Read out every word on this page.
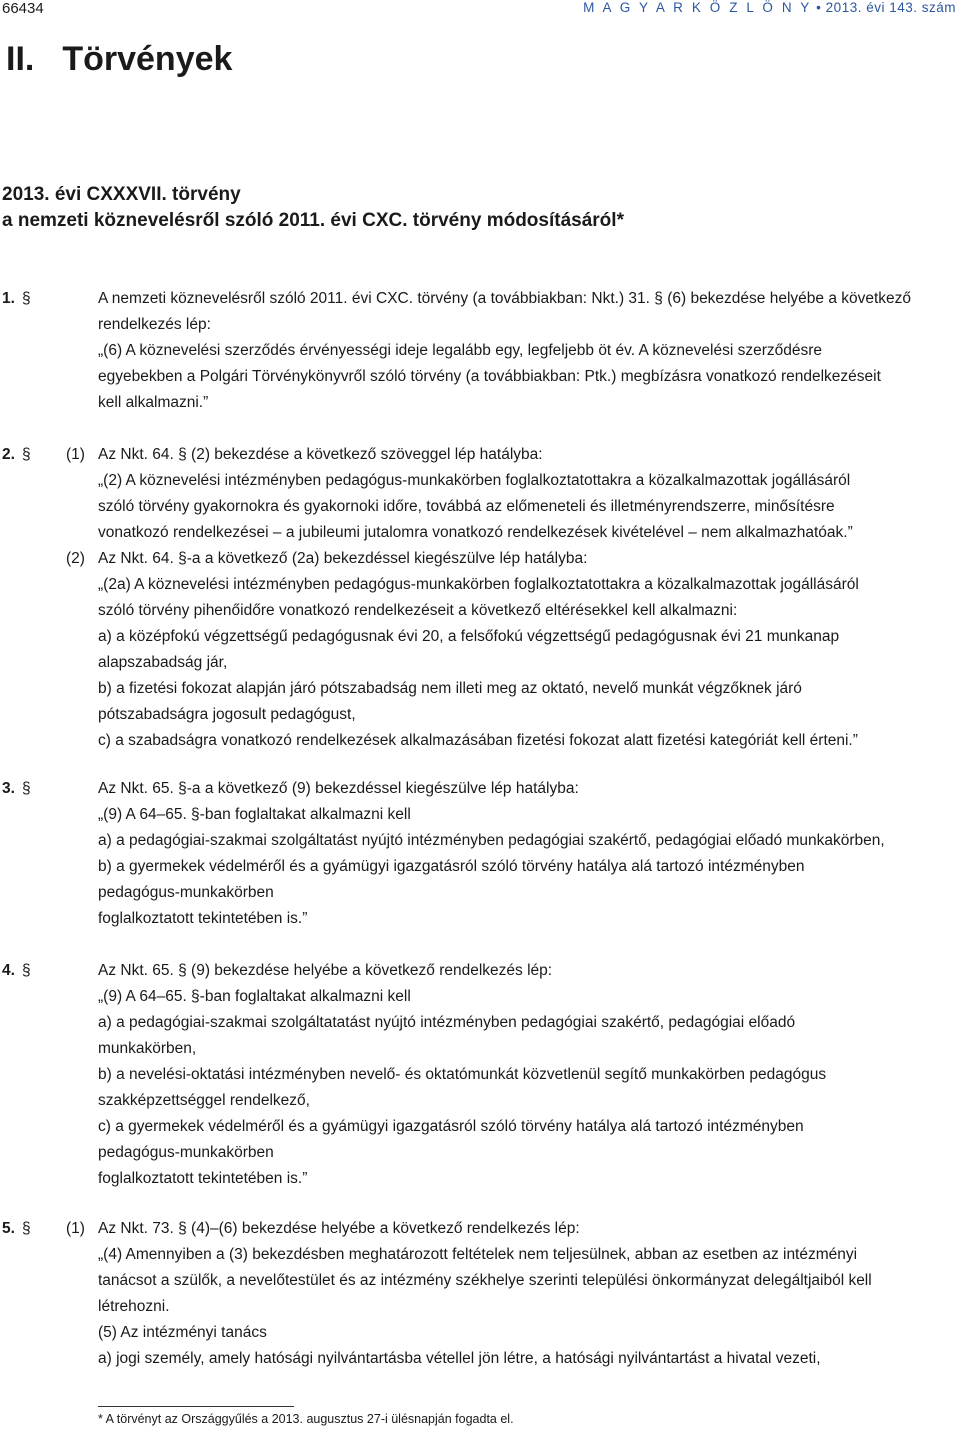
66434	M A G Y A R K Ö Z L Ö N Y • 2013. évi 143. szám
II. Törvények
2013. évi CXXXVII. törvény
a nemzeti köznevelésről szóló 2011. évi CXC. törvény módosításáról*
1. §	A nemzeti köznevelésről szóló 2011. évi CXC. törvény (a továbbiakban: Nkt.) 31. § (6) bekezdése helyébe a következő
rendelkezés lép:
„(6) A köznevelési szerződés érvényességi ideje legalább egy, legfeljebb öt év. A köznevelési szerződésre
egyebekben a Polgári Törvénykönyvről szóló törvény (a továbbiakban: Ptk.) megbízásra vonatkozó rendelkezéseit
kell alkalmazni.”
2. § (1) Az Nkt. 64. § (2) bekezdése a következő szöveggel lép hatályba:
„(2) A köznevelési intézményben pedagógus-munkakörben foglalkoztatottakra a közalkalmazottak jogállásáról
szóló törvény gyakornokra és gyakornoki időre, továbbá az előmeneteli és illetményrendszerre, minősítésre
vonatkozó rendelkezései – a jubileumi jutalomra vonatkozó rendelkezések kivételével – nem alkalmazhatóak.”
(2) Az Nkt. 64. §-a a következő (2a) bekezdéssel kiegészülve lép hatályba:
„(2a) A köznevelési intézményben pedagógus-munkakörben foglalkoztatottakra a közalkalmazottak jogállásáról
szóló törvény pihenőidőre vonatkozó rendelkezéseit a következő eltérésekkel kell alkalmazni:
a) a középfokú végzettségű pedagógusnak évi 20, a felsőfokú végzettségű pedagógusnak évi 21 munkanap
alapszabadság jár,
b) a fizetési fokozat alapján járó pótszabadság nem illeti meg az oktató, nevelő munkát végzőknek járó
pótszabadságra jogosult pedagógust,
c) a szabadságra vonatkozó rendelkezések alkalmazásában fizetési fokozat alatt fizetési kategóriát kell érteni.”
3. §	Az Nkt. 65. §-a a következő (9) bekezdéssel kiegészülve lép hatályba:
„(9) A 64–65. §-ban foglaltakat alkalmazni kell
a) a pedagógiai-szakmai szolgáltatást nyújtó intézményben pedagógiai szakértő, pedagógiai előadó munkakörben,
b) a gyermekek védelméről és a gyámügyi igazgatásról szóló törvény hatálya alá tartozó intézményben
pedagógus-munkakörben
foglalkoztatott tekintetében is.”
4. §	Az Nkt. 65. § (9) bekezdése helyébe a következő rendelkezés lép:
„(9) A 64–65. §-ban foglaltakat alkalmazni kell
a) a pedagógiai-szakmai szolgáltatatást nyújtó intézményben pedagógiai szakértő, pedagógiai előadó
munkakörben,
b) a nevelési-oktatási intézményben nevelő- és oktatómunkát közvetlenül segítő munkakörben pedagógus
szakképzettséggel rendelkező,
c) a gyermekek védelméről és a gyámügyi igazgatásról szóló törvény hatálya alá tartozó intézményben
pedagógus-munkakörben
foglalkoztatott tekintetében is.”
5. § (1) Az Nkt. 73. § (4)–(6) bekezdése helyébe a következő rendelkezés lép:
„(4) Amennyiben a (3) bekezdésben meghatározott feltételek nem teljesülnek, abban az esetben az intézményi
tanácsot a szülők, a nevelőtestület és az intézmény székhelye szerinti települési önkormányzat delegáltjaiból kell
létrehozni.
(5) Az intézményi tanács
a) jogi személy, amely hatósági nyilvántartásba vétellel jön létre, a hatósági nyilvántartást a hivatal vezeti,
* A törvényt az Országgyűlés a 2013. augusztus 27-i ülésnapján fogadta el.
